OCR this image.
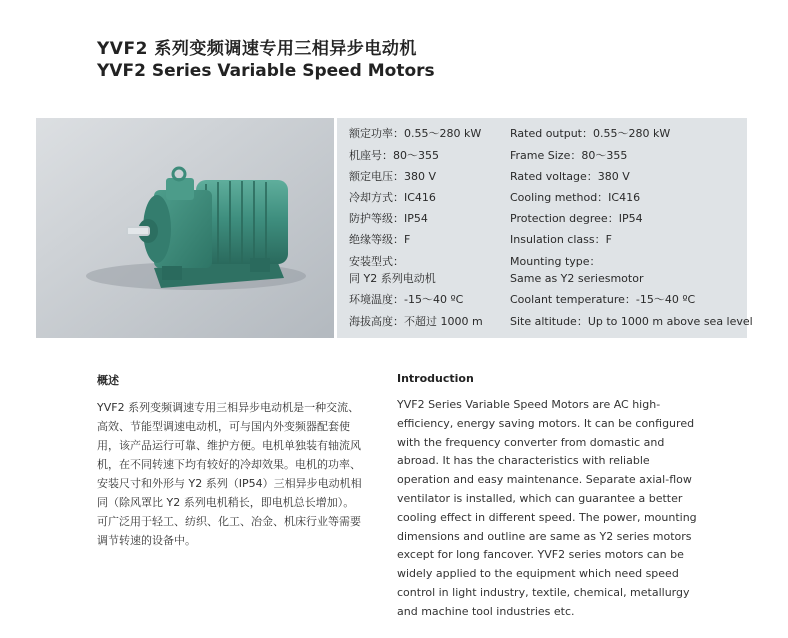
YVF2 系列变频调速专用三相异步电动机
YVF2 Series Variable Speed Motors
额定功率：0.55～280 kW	Rated output：0.55～280 kW
机座号：80～355	Frame Size：80～355
额定电压：380 V	Rated voltage：380 V
冷却方式：IC416	Cooling method：IC416
防护等级：IP54	Protection degree：IP54
绝缘等级：F	Insulation class：F
安装型式：
同 Y2 系列电动机
Mounting type：
Same as Y2 seriesmotor
环境温度：-15～40 ºC	Coolant temperature：-15～40 ºC
海拔高度：不超过 1000 m	Site altitude：Up to 1000 m above sea level
概述	Introduction
YVF2 系列变频调速专用三相异步电动机是一种交流、
高效、节能型调速电动机，可与国内外变频器配套使
用，该产品运行可靠、维护方便。电机单独装有轴流风
机，在不同转速下均有较好的冷却效果。电机的功率、
安装尺寸和外形与 Y2 系列（IP54）三相异步电动机相
同（除风罩比 Y2 系列电机稍长，即电机总长增加）。
可广泛用于轻工、纺织、化工、冶金、机床行业等需要
调节转速的设备中。
YVF2 Series Variable Speed Motors are AC high-
efficiency, energy saving motors. It can be configured
with the frequency converter from domastic and
abroad. It has the characteristics with reliable
operation and easy maintenance. Separate axial-flow
ventilator is installed, which can guarantee a better
cooling effect in different speed. The power, mounting
dimensions and outline are same as Y2 series motors
except for long fancover. YVF2 series motors can be
widely applied to the equipment which need speed
control in light industry, textile, chemical, metallurgy
and machine tool industries etc.
